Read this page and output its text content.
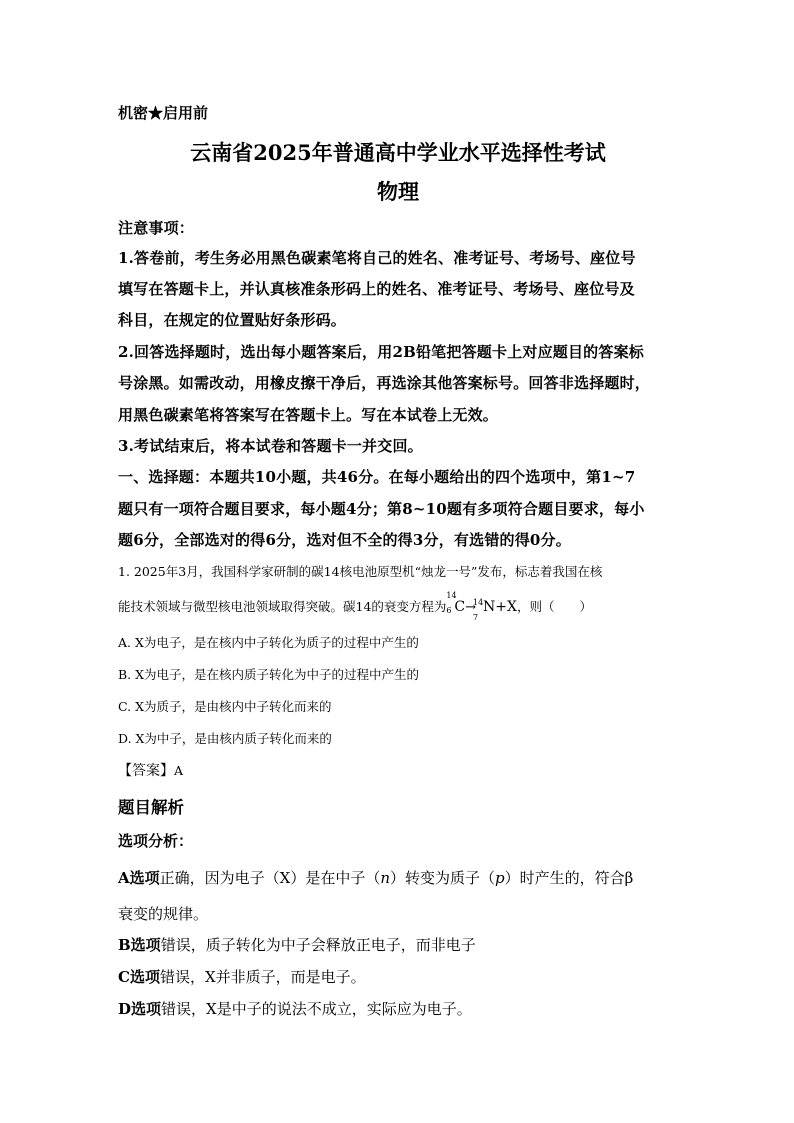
机密★启用前
云南省2025年普通高中学业水平选择性考试
物理
注意事项：
1.答卷前，考生务必用黑色碳素笔将自己的姓名、准考证号、考场号、座位号
填写在答题卡上，并认真核准条形码上的姓名、准考证号、考场号、座位号及
科目，在规定的位置贴好条形码。
2.回答选择题时，选出每小题答案后，用2B铅笔把答题卡上对应题目的答案标
号涂黑。如需改动，用橡皮擦干净后，再选涂其他答案标号。回答非选择题时，
用黑色碳素笔将答案写在答题卡上。写在本试卷上无效。
3.考试结束后，将本试卷和答题卡一并交回。
一、选择题：本题共10小题，共46分。在每小题给出的四个选项中，第1~7
题只有一项符合题目要求，每小题4分；第8~10题有多项符合题目要求，每小
题6分，全部选对的得6分，选对但不全的得3分，有选错的得0分。
1. 2025年3月，我国科学家研制的碳14核电池原型机“烛龙一号”发布，标志着我国在核
能技术领域与微型核电池领域取得突破。碳14的衰变方程为
14
6 C→
14
7
N+X，则（　　）
A. X为电子，是在核内中子转化为质子的过程中产生的
B. X为电子，是在核内质子转化为中子的过程中产生的
C. X为质子，是由核内中子转化而来的
D. X为中子，是由核内质子转化而来的
【答案】A
题目解析
选项分析：
A选项正确，因为电子（X）是在中子（n）转变为质子（p）时产生的，符合β
衰变的规律。
B选项错误，质子转化为中子会释放正电子，而非电子
C选项错误，X并非质子，而是电子。
D选项错误，X是中子的说法不成立，实际应为电子。
